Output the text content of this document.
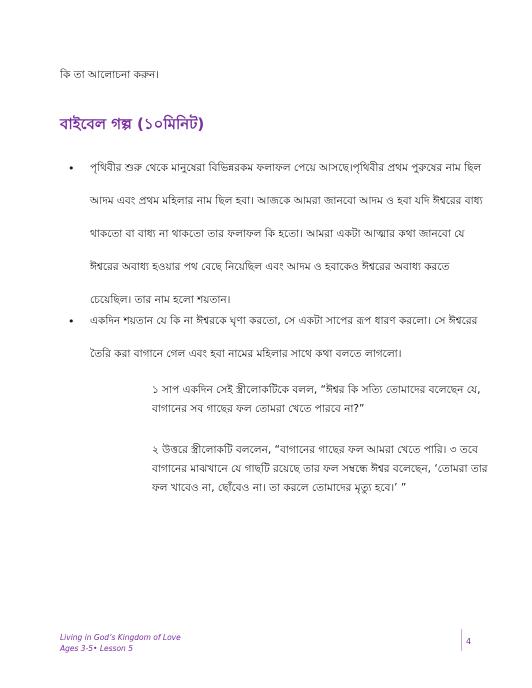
কি তা আলোচনা করুন।
বাইবেল গল্প (১০মিনিট)
•	পৃথিবীর শুরু থেকে মানুষেরা বিভিন্নরকম ফলাফল পেয়ে আসছে।পৃথিবীর প্রথম পুরুষের নাম ছিল আদম এবং প্রথম মহিলার নাম ছিল হবা। আজকে আমরা জানবো আদম ও হবা যদি ঈশ্বরের বাধ্য থাকতো বা বাধ্য না থাকতো তার ফলাফল কি হতো। আমরা একটা আত্মার কথা জানবো যে ঈশ্বরের অবাধ্য হওয়ার পথ বেছে নিয়েছিল এবং আদম ও হবাকেও ঈশ্বরের অবাধ্য করতে চেয়েছিল। তার নাম হলো শয়তান।
•	একদিন শয়তান যে কি না ঈশ্বরকে ঘৃণা করতো, সে একটা সাপের রূপ ধারণ করলো। সে ঈশ্বরের তৈরি করা বাগানে গেল এবং হবা নামের মহিলার সাথে কথা বলতে লাগলো।
১ সাপ একদিন সেই স্ত্রীলোকটিকে বলল, “ঈশ্বর কি সত্যি তোমাদের বলেছেন যে, বাগানের সব গাছের ফল তোমরা খেতে পারবে না?”
২ উত্তরে স্ত্রীলোকটি বললেন, “বাগানের গাছের ফল আমরা খেতে পারি। ৩ তবে বাগানের মাঝখানে যে গাছটি রয়েছে তার ফল সম্বন্ধে ঈশ্বর বলেছেন, ‘তোমরা তার ফল খাবেও না, ছোঁবেও না। তা করলে তোমাদের মৃত্যু হবে।’ ”
Living in God’s Kingdom of Love
Ages 3-5• Lesson 5
4
